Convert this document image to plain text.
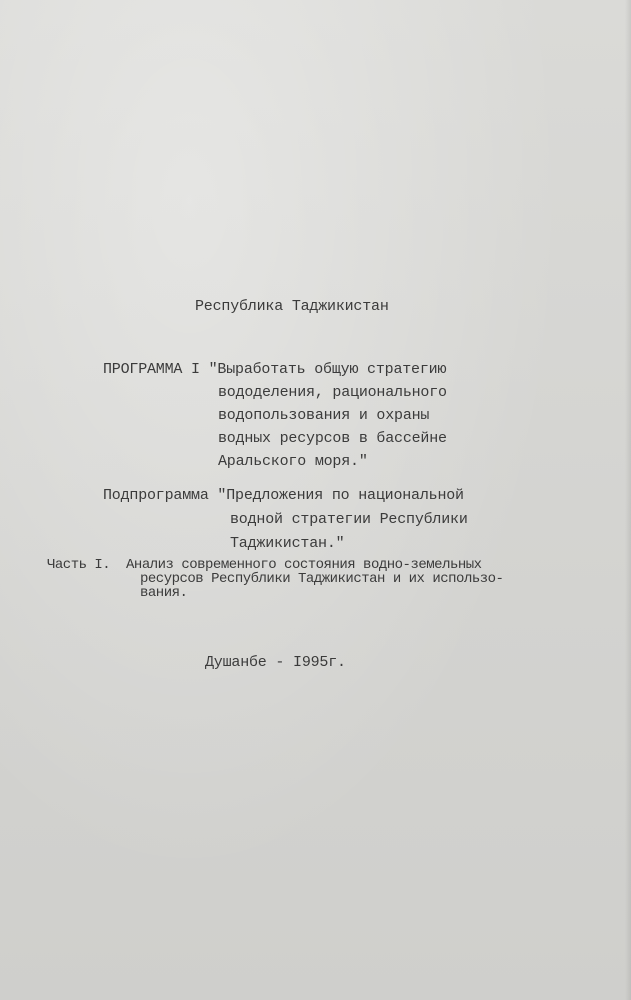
Республика Таджикистан
ПРОГРАММА I "Выработать общую стратегию
вододеления, рационального
водопользования и охраны
водных ресурсов в бассейне
Аральского моря."
Подпрограмма "Предложения по национальной
водной стратегии Республики
Таджикистан."
Часть I.  Анализ современного состояния водно-земельных
ресурсов Республики Таджикистан и их использо-
вания.
Душанбе - I995г.
